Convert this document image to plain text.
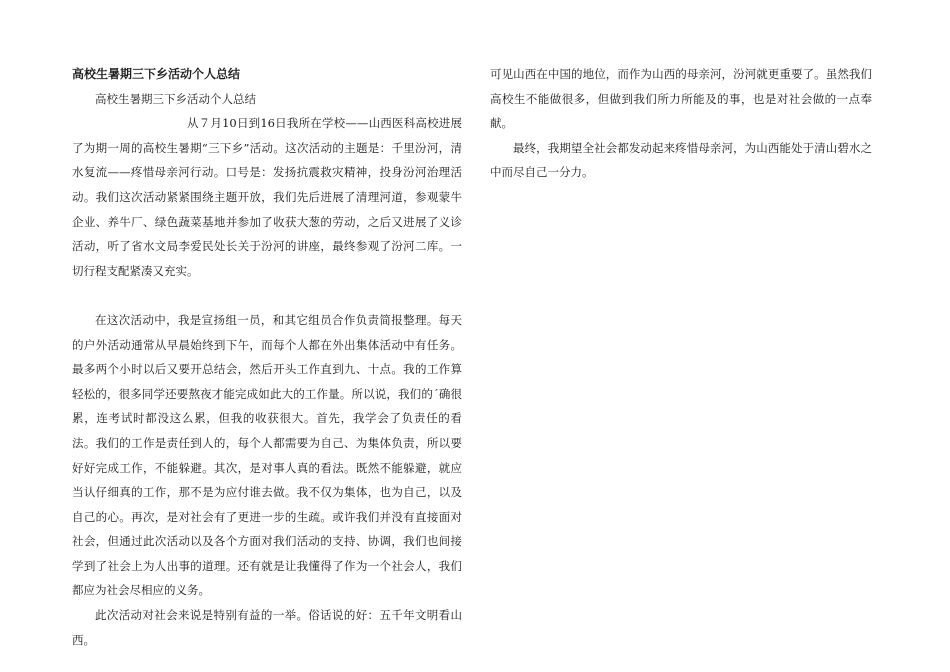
高校生暑期三下乡活动个人总结

高校生暑期三下乡活动个人总结

从７月10日到16日我所在学校——山西医科高校进展了为期一周的高校生暑期“三下乡”活动。这次活动的主题是：千里汾河，清水复流——疼惜母亲河行动。口号是：发扬抗震救灾精神，投身汾河治理活动。我们这次活动紧紧围绕主题开放，我们先后进展了清理河道，参观蒙牛企业、养牛厂、绿色蔬菜基地并参加了收获大葱的劳动，之后又进展了义诊活动，听了省水文局李爱民处长关于汾河的讲座，最终参观了汾河二库。一切行程支配紧凑又充实。

在这次活动中，我是宣扬组一员，和其它组员合作负责简报整理。每天的户外活动通常从早晨始终到下午，而每个人都在外出集体活动中有任务。最多两个小时以后又要开总结会，然后开头工作直到九、十点。我的工作算轻松的，很多同学还要熬夜才能完成如此大的工作量。所以说，我们的´确很累，连考试时都没这么累，但我的收获很大。首先，我学会了负责任的看法。我们的工作是责任到人的，每个人都需要为自己、为集体负责，所以要好好完成工作，不能躲避。其次，是对事人真的看法。既然不能躲避，就应当认仔细真的工作，那不是为应付谁去做。我不仅为集体，也为自己，以及自己的心。再次，是对社会有了更进一步的生疏。或许我们并没有直接面对社会，但通过此次活动以及各个方面对我们活动的支持、协调，我们也间接学到了社会上为人出事的道理。还有就是让我懂得了作为一个社会人，我们都应为社会尽相应的义务。

此次活动对社会来说是特别有益的一举。俗话说的好：五千年文明看山西。

可见山西在中国的地位，而作为山西的母亲河，汾河就更重要了。虽然我们高校生不能做很多，但做到我们所力所能及的事，也是对社会做的一点奉献。

最终，我期望全社会都发动起来疼惜母亲河，为山西能处于清山碧水之中而尽自己一分力。
